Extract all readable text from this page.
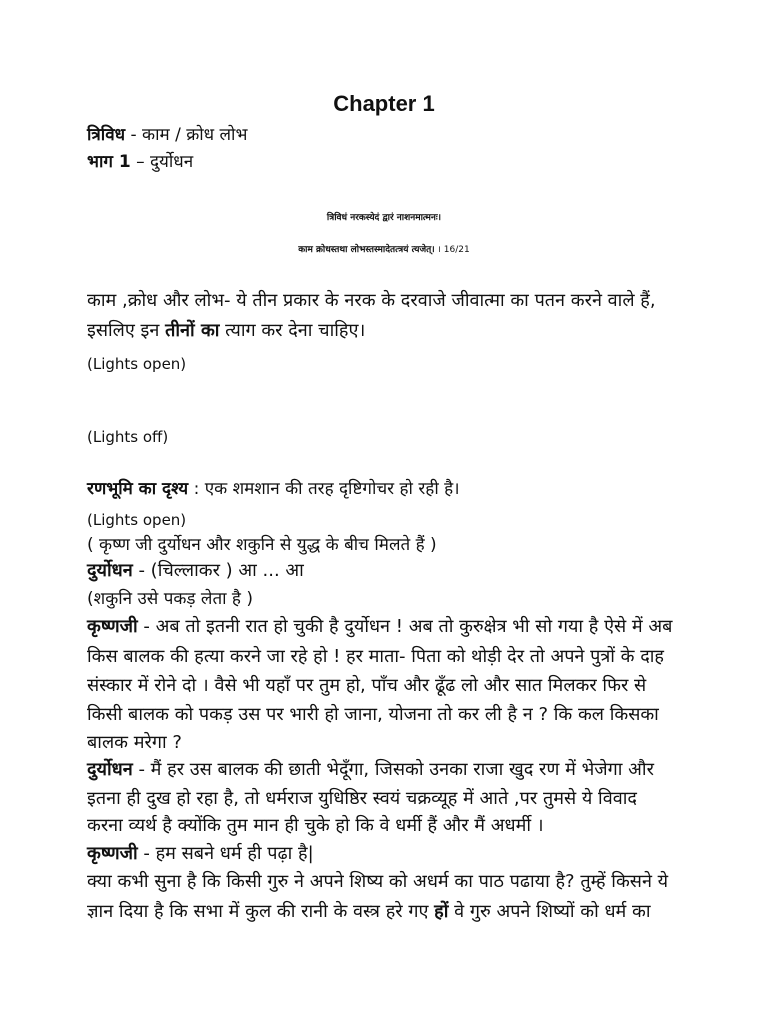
Chapter 1
त्रिविध - काम / क्रोध लोभ
भाग 1 – दुर्योधन
त्रिविधं नरकस्येदं द्वारं नाशनमात्मनः।
काम क्रोधस्तथा लोभस्तस्मादेतत्त्रयं त्यजेत्। । 16/21
काम ,क्रोध और लोभ- ये तीन प्रकार के नरक के दरवाजे जीवात्मा का पतन करने वाले हैं,
इसलिए इन तीनों का त्याग कर देना चाहिए।
(Lights open)
(Lights off)
रणभूमि का दृश्य : एक शमशान की तरह दृष्टिगोचर हो रही है।
(Lights open)
( कृष्ण जी दुर्योधन और शकुनि से युद्ध के बीच मिलते हैं )
दुर्योधन - (चिल्लाकर ) आ ... आ
(शकुनि उसे पकड़ लेता है )
कृष्णजी - अब तो इतनी रात हो चुकी है दुर्योधन ! अब तो कुरुक्षेत्र भी सो गया है ऐसे में अब
किस बालक की हत्या करने जा रहे हो ! हर माता- पिता को थोड़ी देर तो अपने पुत्रों के दाह
संस्कार में रोने दो । वैसे भी यहाँ पर तुम हो, पाँच और ढूँढ लो और सात मिलकर फिर से
किसी बालक को पकड़ उस पर भारी हो जाना, योजना तो कर ली है न ? कि कल किसका
बालक मरेगा ?
दुर्योधन - मैं हर उस बालक की छाती भेदूँगा, जिसको उनका राजा खुद रण में भेजेगा और
इतना ही दुख हो रहा है, तो धर्मराज युधिष्ठिर स्वयं चक्रव्यूह में आते ,पर तुमसे ये विवाद
करना व्यर्थ है क्योंकि तुम मान ही चुके हो कि वे धर्मी हैं और मैं अधर्मी ।
कृष्णजी - हम सबने धर्म ही पढ़ा है|
क्या कभी सुना है कि किसी गुरु ने अपने शिष्य को अधर्म का पाठ पढाया है? तुम्हें किसने ये
ज्ञान दिया है कि सभा में कुल की रानी के वस्त्र हरे गए हों वे गुरु अपने शिष्यों को धर्म का
